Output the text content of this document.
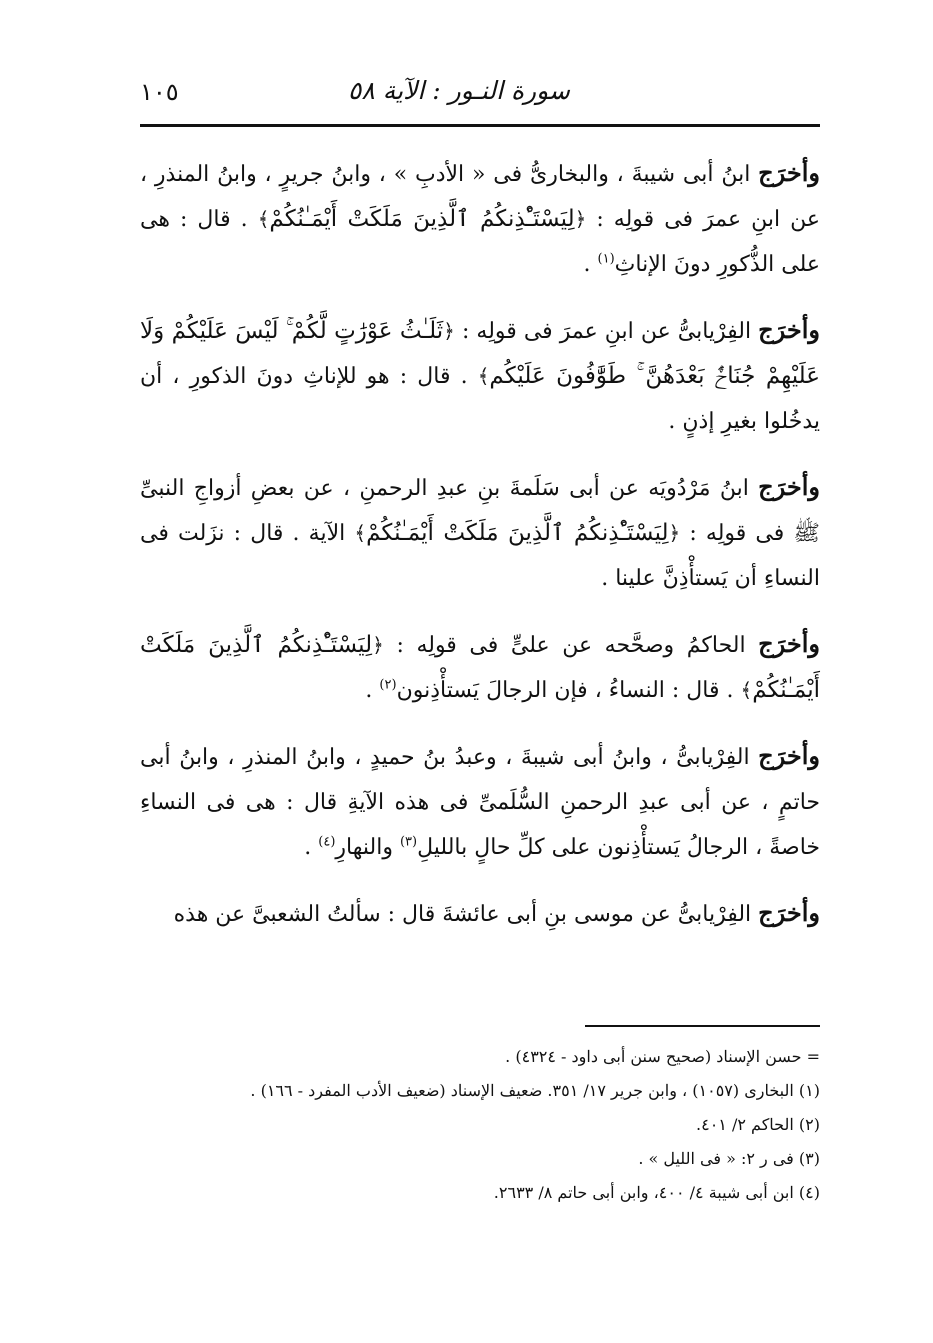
سورة النـور : الآية ٥٨
١٠٥

وأخرَج ابنُ أبى شيبةَ ، والبخارىُّ فى « الأدبِ » ، وابنُ جريرٍ ، وابنُ المنذرِ ، عن ابنِ عمرَ فى قولِه : ﴿لِيَسْتَـْٔذِنكُمُ ٱلَّذِينَ مَلَكَتْ أَيْمَـٰنُكُمْ﴾ . قال : هى على الذُّكورِ دونَ الإناثِ$^{(١)}$ .

وأخرَج الفِرْيابىُّ عن ابنِ عمرَ فى قولِه : ﴿ثَلَـٰثُ عَوْرَٰتٍ لَّكُمْ ۚ لَيْسَ عَلَيْكُمْ وَلَا عَلَيْهِمْ جُنَاحٌۢ بَعْدَهُنَّ ۚ طَوَّٰفُونَ عَلَيْكُم﴾ . قال : هو للإناثِ دونَ الذكورِ ، أن يدخُلوا بغيرِ إذنٍ .

وأخرَج ابنُ مَرْدُويَه عن أبى سَلَمةَ بنِ عبدِ الرحمنِ ، عن بعضِ أزواجِ النبىِّ ﷺ فى قولِه : ﴿لِيَسْتَـْٔذِنكُمُ ٱلَّذِينَ مَلَكَتْ أَيْمَـٰنُكُمْ﴾ الآية . قال : نزَلت فى النساءِ أن يَستأْذِنَّ علينا .

وأخرَج الحاكمُ وصحَّحه عن علىٍّ فى قولِه : ﴿لِيَسْتَـْٔذِنكُمُ ٱلَّذِينَ مَلَكَتْ أَيْمَـٰنُكُمْ﴾ . قال : النساءُ ، فإن الرجالَ يَستأْذِنون$^{(٢)}$ .

وأخرَج الفِرْيابىُّ ، وابنُ أبى شيبةَ ، وعبدُ بنُ حميدٍ ، وابنُ المنذرِ ، وابنُ أبى حاتمٍ ، عن أبى عبدِ الرحمنِ السُّلَمىِّ فى هذه الآيةِ قال : هى فى النساءِ خاصةً ، الرجالُ يَستأْذِنون على كلِّ حالٍ بالليلِ$^{(٣)}$ والنهارِ$^{(٤)}$ .

وأخرَج الفِرْيابىُّ عن موسى بنِ أبى عائشةَ قال : سألتُ الشعبىَّ عن هذه

= حسن الإسناد (صحيح سنن أبى داود - ٤٣٢٤) .

(١) البخارى (١٠٥٧) ، وابن جرير ١٧/ ٣٥١. ضعيف الإسناد (ضعيف الأدب المفرد - ١٦٦) .

(٢) الحاكم ٢/ ٤٠١.

(٣) فى ر ٢: « فى الليل » .

(٤) ابن أبى شيبة ٤/ ٤٠٠، وابن أبى حاتم ٨/ ٢٦٣٣.
